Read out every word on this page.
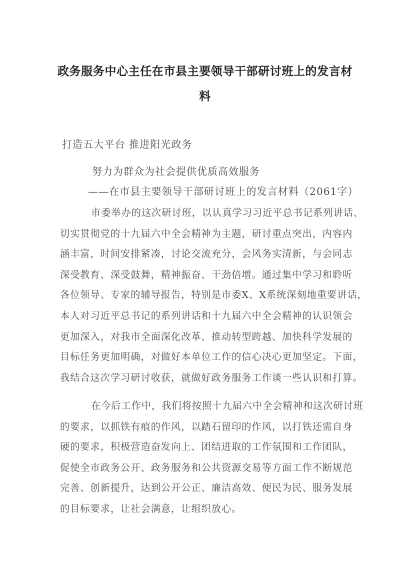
政务服务中心主任在市县主要领导干部研讨班上的发言材
料
打造五大平台 推进阳光政务
努力为群众为社会提供优质高效服务
——在市县主要领导干部研讨班上的发言材料（2061字）
市委举办的这次研讨班，以认真学习习近平总书记系列讲话、
切实贯彻党的十九届六中全会精神为主题，研讨重点突出，内容内
涵丰富，时间安排紧凑，讨论交流充分，会风务实清新，与会同志
深受教育、深受鼓舞，精神振奋、干劲倍增。通过集中学习和聆听
各位领导、专家的辅导报告，特别是市委X、X系统深刻地重要讲话，
本人对习近平总书记的系列讲话和十九届六中全会精神的认识领会
更加深入，对我市全面深化改革、推动转型跨越、加快科学发展的
目标任务更加明确，对做好本单位工作的信心决心更加坚定。下面，
我结合这次学习研讨收获，就做好政务服务工作谈一些认识和打算。
在今后工作中，我们将按照十九届六中全会精神和这次研讨班
的要求，以抓铁有痕的作风，以踏石留印的作风，以打铁还需自身
硬的要求，积极营造奋发向上、团结进取的工作氛围和工作团队，
促使全市政务公开、政务服务和公共资源交易等方面工作不断规范
完善、创新提升，达到公开公正、廉洁高效、便民为民、服务发展
的目标要求，让社会满意，让组织放心。
